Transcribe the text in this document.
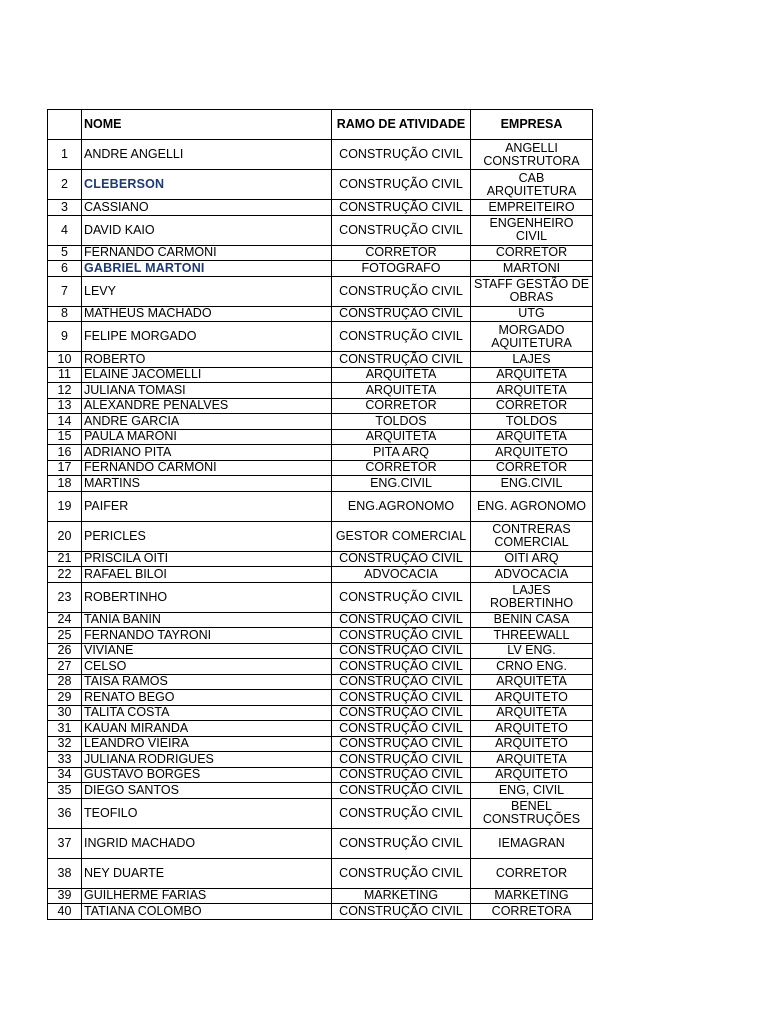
	NOME	RAMO DE ATIVIDADE	EMPRESA
1	ANDRE ANGELLI	CONSTRUÇÃO CIVIL	ANGELLI CONSTRUTORA
2	CLEBERSON	CONSTRUÇÃO CIVIL	CAB ARQUITETURA
3	CASSIANO	CONSTRUÇÃO CIVIL	EMPREITEIRO
4	DAVID KAIO	CONSTRUÇÃO CIVIL	ENGENHEIRO CIVIL
5	FERNANDO CARMONI	CORRETOR	CORRETOR
6	GABRIEL MARTONI	FOTOGRAFO	MARTONI
7	LEVY	CONSTRUÇÃO CIVIL	STAFF GESTÃO DE OBRAS
8	MATHEUS MACHADO	CONSTRUÇÃO CIVIL	UTG
9	FELIPE MORGADO	CONSTRUÇÃO CIVIL	MORGADO AQUITETURA
10	ROBERTO	CONSTRUÇÃO CIVIL	LAJES
11	ELAINE JACOMELLI	ARQUITETA	ARQUITETA
12	JULIANA TOMASI	ARQUITETA	ARQUITETA
13	ALEXANDRE PENALVES	CORRETOR	CORRETOR
14	ANDRE GARCIA	TOLDOS	TOLDOS
15	PAULA MARONI	ARQUITETA	ARQUITETA
16	ADRIANO PITA	PITA ARQ	ARQUITETO
17	FERNANDO CARMONI	CORRETOR	CORRETOR
18	MARTINS	ENG.CIVIL	ENG.CIVIL
19	PAIFER	ENG.AGRONOMO	ENG. AGRONOMO
20	PERICLES	GESTOR COMERCIAL	CONTRERAS COMERCIAL
21	PRISCILA OITI	CONSTRUÇÃO CIVIL	OITI ARQ
22	RAFAEL BILOI	ADVOCACIA	ADVOCACIA
23	ROBERTINHO	CONSTRUÇÃO CIVIL	LAJES ROBERTINHO
24	TANIA BANIN	CONSTRUÇÃO CIVIL	BENIN CASA
25	FERNANDO TAYRONI	CONSTRUÇÃO CIVIL	THREEWALL
26	VIVIANE	CONSTRUÇÃO CIVIL	LV ENG.
27	CELSO	CONSTRUÇÃO CIVIL	CRNO ENG.
28	TAISA RAMOS	CONSTRUÇÃO CIVIL	ARQUITETA
29	RENATO BEGO	CONSTRUÇÃO CIVIL	ARQUITETO
30	TALITA COSTA	CONSTRUÇÃO CIVIL	ARQUITETA
31	KAUAN MIRANDA	CONSTRUÇÃO CIVIL	ARQUITETO
32	LEANDRO VIEIRA	CONSTRUÇÃO CIVIL	ARQUITETO
33	JULIANA RODRIGUES	CONSTRUÇÃO CIVIL	ARQUITETA
34	GUSTAVO BORGES	CONSTRUÇÃO CIVIL	ARQUITETO
35	DIEGO SANTOS	CONSTRUÇÃO CIVIL	ENG, CIVIL
36	TEOFILO	CONSTRUÇÃO CIVIL	BENEL CONSTRUÇÕES
37	INGRID MACHADO	CONSTRUÇÃO CIVIL	IEMAGRAN
38	NEY DUARTE	CONSTRUÇÃO CIVIL	CORRETOR
39	GUILHERME FARIAS	MARKETING	MARKETING
40	TATIANA COLOMBO	CONSTRUÇÃO CIVIL	CORRETORA
